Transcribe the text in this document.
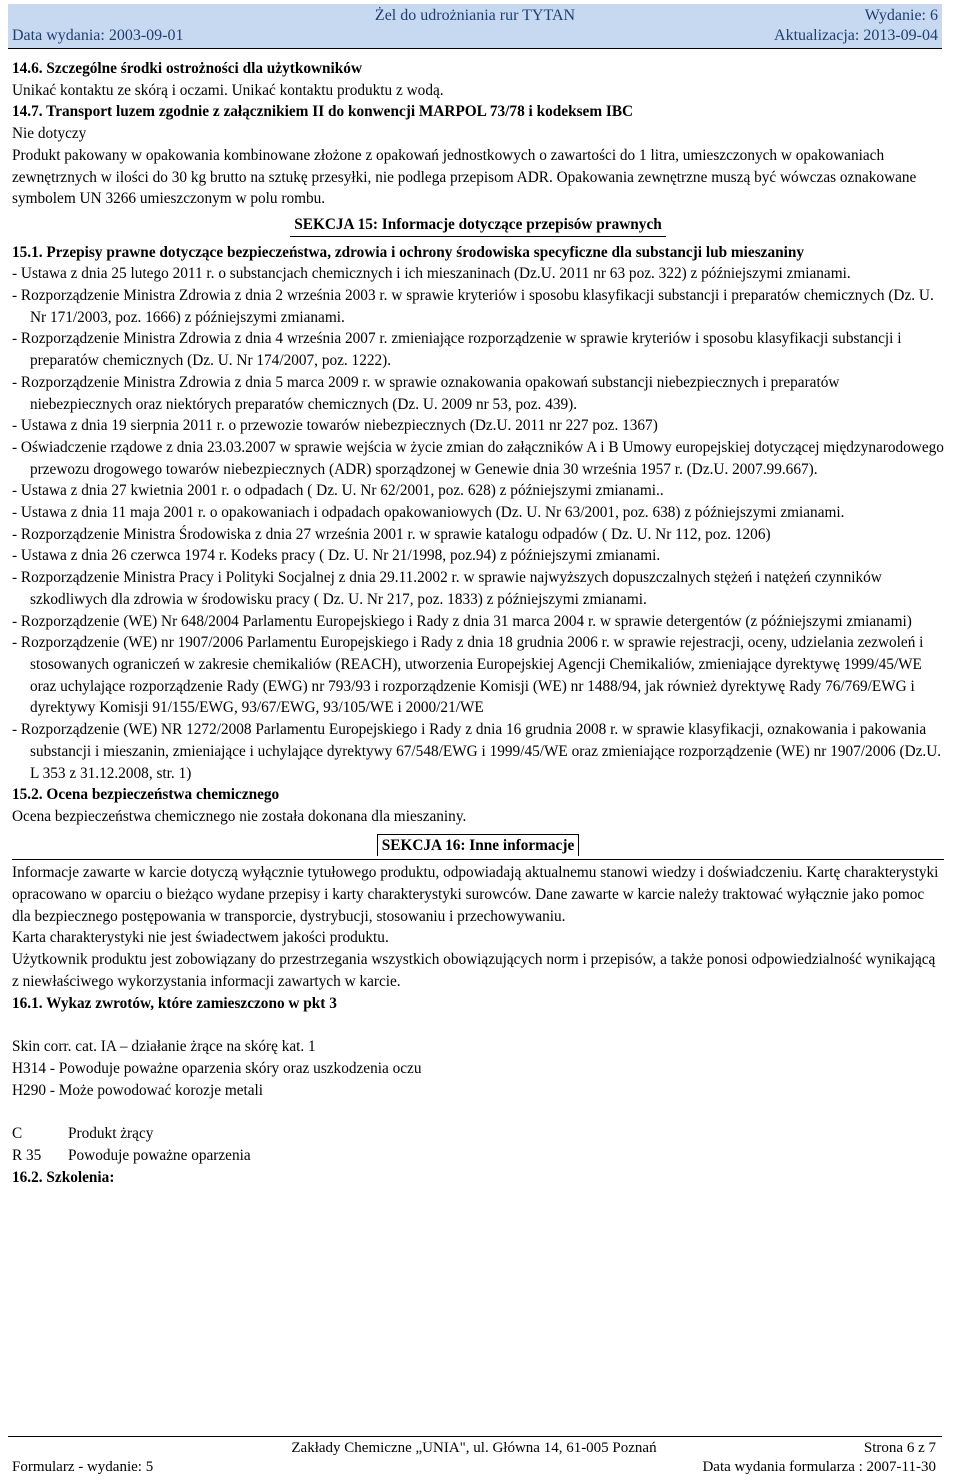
Żel do udrożniania rur TYTAN	Wydanie: 6
Data wydania: 2003-09-01	Aktualizacja: 2013-09-04

14.6. Szczególne środki ostrożności dla użytkowników

Unikać kontaktu ze skórą i oczami. Unikać kontaktu produktu z wodą.

14.7. Transport luzem zgodnie z załącznikiem II do konwencji MARPOL 73/78 i kodeksem IBC

Nie dotyczy

Produkt pakowany w opakowania kombinowane złożone z opakowań jednostkowych o zawartości do 1 litra, umieszczonych w opakowaniach zewnętrznych w ilości do 30 kg brutto na sztukę przesyłki, nie podlega przepisom ADR. Opakowania zewnętrzne muszą być wówczas oznakowane symbolem UN 3266 umieszczonym w polu rombu.

SEKCJA 15: Informacje dotyczące przepisów prawnych

15.1. Przepisy prawne dotyczące bezpieczeństwa, zdrowia i ochrony środowiska specyficzne dla substancji lub mieszaniny

- Ustawa z dnia 25 lutego 2011 r. o substancjach chemicznych i ich mieszaninach (Dz.U. 2011 nr 63 poz. 322) z późniejszymi zmianami.

- Rozporządzenie Ministra Zdrowia z dnia 2 września 2003 r. w sprawie kryteriów i sposobu klasyfikacji substancji i preparatów chemicznych (Dz. U. Nr 171/2003, poz. 1666) z późniejszymi zmianami.

- Rozporządzenie Ministra Zdrowia z dnia 4 września 2007 r. zmieniające rozporządzenie w sprawie kryteriów i sposobu klasyfikacji substancji i preparatów chemicznych (Dz. U. Nr 174/2007, poz. 1222).

- Rozporządzenie Ministra Zdrowia z dnia 5 marca 2009 r. w sprawie oznakowania opakowań substancji niebezpiecznych i preparatów niebezpiecznych oraz niektórych preparatów chemicznych (Dz. U. 2009 nr 53, poz. 439).

- Ustawa z dnia 19 sierpnia 2011 r. o przewozie towarów niebezpiecznych (Dz.U. 2011 nr 227 poz. 1367)

- Oświadczenie rządowe z dnia 23.03.2007 w sprawie wejścia w życie zmian do załączników A i B Umowy europejskiej dotyczącej międzynarodowego przewozu drogowego towarów niebezpiecznych (ADR) sporządzonej w Genewie dnia 30 września 1957 r. (Dz.U. 2007.99.667).

- Ustawa z dnia 27 kwietnia 2001 r. o odpadach ( Dz. U. Nr 62/2001, poz. 628) z późniejszymi zmianami..

- Ustawa z dnia 11 maja 2001 r. o opakowaniach i odpadach opakowaniowych (Dz. U. Nr 63/2001, poz. 638) z późniejszymi zmianami.

- Rozporządzenie Ministra Środowiska z dnia 27 września 2001 r. w sprawie katalogu odpadów ( Dz. U. Nr 112, poz. 1206)

- Ustawa z dnia 26 czerwca 1974 r. Kodeks pracy ( Dz. U. Nr 21/1998, poz.94) z późniejszymi zmianami.

- Rozporządzenie Ministra Pracy i Polityki Socjalnej z dnia 29.11.2002 r. w sprawie najwyższych dopuszczalnych stężeń i natężeń czynników szkodliwych dla zdrowia w środowisku pracy ( Dz. U. Nr 217, poz. 1833) z późniejszymi zmianami.

- Rozporządzenie (WE) Nr 648/2004 Parlamentu Europejskiego i Rady z dnia 31 marca 2004 r. w sprawie detergentów (z późniejszymi zmianami)

- Rozporządzenie (WE) nr 1907/2006 Parlamentu Europejskiego i Rady z dnia 18 grudnia 2006 r. w sprawie rejestracji, oceny, udzielania zezwoleń i stosowanych ograniczeń w zakresie chemikaliów (REACH), utworzenia Europejskiej Agencji Chemikaliów, zmieniające dyrektywę 1999/45/WE oraz uchylające rozporządzenie Rady (EWG) nr 793/93 i rozporządzenie Komisji (WE) nr 1488/94, jak również dyrektywę Rady 76/769/EWG i dyrektywy Komisji 91/155/EWG, 93/67/EWG, 93/105/WE i 2000/21/WE

- Rozporządzenie (WE) NR 1272/2008 Parlamentu Europejskiego i Rady z dnia 16 grudnia 2008 r. w sprawie klasyfikacji, oznakowania i pakowania substancji i mieszanin, zmieniające i uchylające dyrektywy 67/548/EWG i 1999/45/WE oraz zmieniające rozporządzenie (WE) nr 1907/2006 (Dz.U. L 353 z 31.12.2008, str. 1)

15.2. Ocena bezpieczeństwa chemicznego

Ocena bezpieczeństwa chemicznego nie została dokonana dla mieszaniny.

SEKCJA 16: Inne informacje

Informacje zawarte w karcie dotyczą wyłącznie tytułowego produktu, odpowiadają aktualnemu stanowi wiedzy i doświadczeniu. Kartę charakterystyki opracowano w oparciu o bieżąco wydane przepisy i karty charakterystyki surowców. Dane zawarte w karcie należy traktować wyłącznie jako pomoc dla bezpiecznego postępowania w transporcie, dystrybucji, stosowaniu i przechowywaniu.

Karta charakterystyki nie jest świadectwem jakości produktu.

Użytkownik produktu jest zobowiązany do przestrzegania wszystkich obowiązujących norm i przepisów, a także ponosi odpowiedzialność wynikającą z niewłaściwego wykorzystania informacji zawartych w karcie.

16.1. Wykaz zwrotów, które zamieszczono w pkt 3

Skin corr. cat. IA – działanie żrące na skórę kat. 1

H314 - Powoduje poważne oparzenia skóry oraz uszkodzenia oczu

H290 - Może powodować korozje metali

C	Produkt żrący
R 35	Powoduje poważne oparzenia

16.2. Szkolenia:

Zakłady Chemiczne „UNIA", ul. Główna 14, 61-005 Poznań	Strona 6 z 7
Formularz - wydanie: 5	Data wydania formularza : 2007-11-30
